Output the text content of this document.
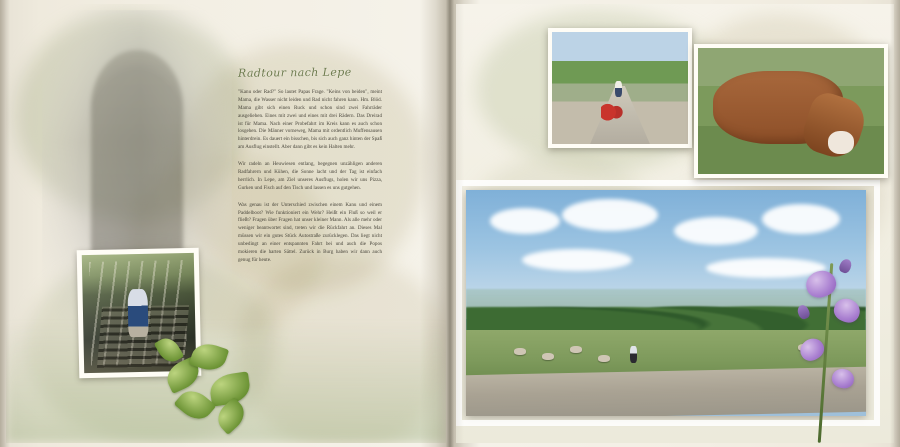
Radtour nach Lepe
"Kanu oder Rad?" So lautet Papas Frage. "Keins von beiden", meint Mama, die Wasser nicht leiden und Rad nicht fahren kann. Hm. Blöd. Mama gibt sich einen Ruck und schon sind zwei Fahrräder ausgeliehen. Eines mit zwei und eines mit drei Rädern. Das Dreirad ist für Mama. Nach einer Probefahrt im Kreis kann es auch schon losgehen. Die Männer vorneweg, Mama mit ordentlich Muffensausen hinterdrein. Es dauert ein bisschen, bis sich auch ganz hinten der Spaß am Ausflug einstellt. Aber dann gibt es kein Halten mehr.
Wir radeln an Heuwiesen entlang, begegnen unzähligen anderen Radfahrern und Kühen, die Sonne lacht und der Tag ist einfach herrlich. In Lepe, am Ziel unseres Ausflugs, holen wir uns Pizza, Gurken und Fisch auf den Tisch und lassen es uns gutgehen.
Was genau ist der Unterschied zwischen einem Kanu und einem Paddelboot? Wie funktioniert ein Wehr? Heißt ein Fluß so weil er fließt? Fragen über Fragen hat unser kleiner Mann. Als alle mehr oder weniger beantwortet sind, treten wir die Rückfahrt an. Dieses Mal müssen wir ein gutes Stück Autostraße zurücklegen. Das liegt nicht unbedingt an einer entspannten Fahrt bei und auch die Popos mokieren die harten Sättel. Zurück in Burg haben wir dann auch genug für heute.
